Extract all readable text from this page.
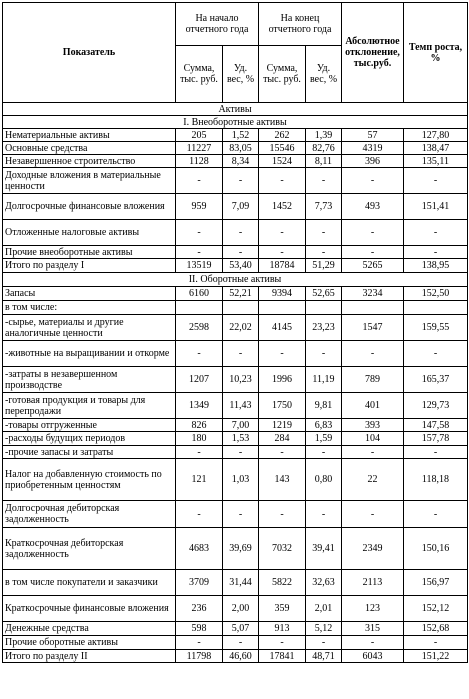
Показатель	На начало отчетного года		На конец отчетного года		Абсолютное отклонение, тыс.руб.	Темп роста, %
	Сумма, тыс. руб.	Уд. вес, %	Сумма, тыс. руб.	Уд. вес, %		
Активы						
I. Внеоборотные активы						
Нематериальные активы	205	1,52	262	1,39	57	127,80
Основные средства	11227	83,05	15546	82,76	4319	138,47
Незавершенное строительство	1128	8,34	1524	8,11	396	135,11
Доходные вложения в материальные ценности	-	-	-	-	-	-
Долгосрочные финансовые вложения	959	7,09	1452	7,73	493	151,41
Отложенные налоговые активы	-	-	-	-	-	-
Прочие внеоборотные активы	-	-	-	-	-	-
Итого по разделу I	13519	53,40	18784	51,29	5265	138,95
II. Оборотные активы						
Запасы	6160	52,21	9394	52,65	3234	152,50
в том числе:						
-сырье, материалы и другие аналогичные ценности	2598	22,02	4145	23,23	1547	159,55
-животные на выращивании и откорме	-	-	-	-	-	-
-затраты в незавершенном производстве	1207	10,23	1996	11,19	789	165,37
-готовая продукция и товары для перепродажи	1349	11,43	1750	9,81	401	129,73
-товары отгруженные	826	7,00	1219	6,83	393	147,58
-расходы будущих периодов	180	1,53	284	1,59	104	157,78
-прочие запасы и затраты	-	-	-	-	-	-
Налог на добавленную стоимость по приобретенным ценностям	121	1,03	143	0,80	22	118,18
Долгосрочная дебиторская задолженность	-	-	-	-	-	-
Краткосрочная дебиторская задолженность	4683	39,69	7032	39,41	2349	150,16
в том числе покупатели и заказчики	3709	31,44	5822	32,63	2113	156,97
Краткосрочные финансовые вложения	236	2,00	359	2,01	123	152,12
Денежные средства	598	5,07	913	5,12	315	152,68
Прочие оборотные активы	-	-	-	-	-	-
Итого по разделу II	11798	46,60	17841	48,71	6043	151,22
